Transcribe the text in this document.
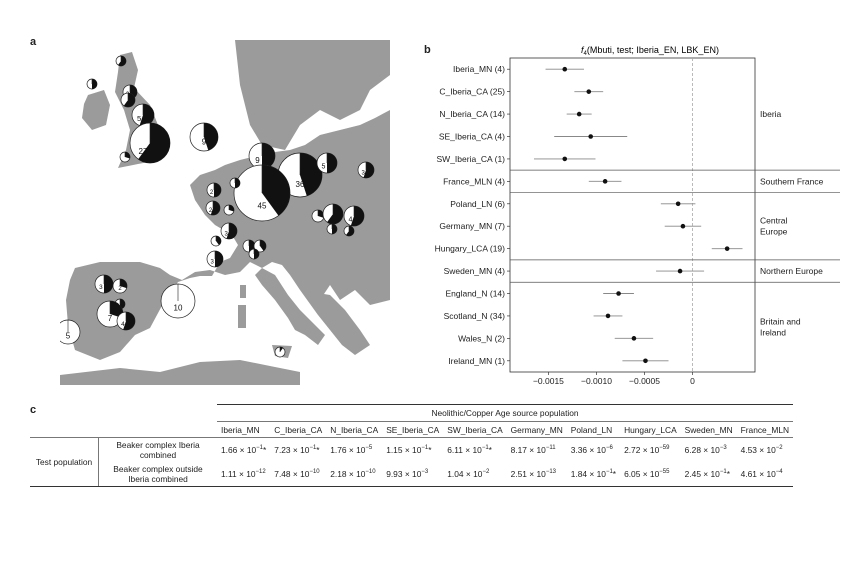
a
b
c
5
27
9
9
36
5
3
45
2
2
4
3
3
3	2
7
4
10
5
$f_4(Mbuti$, test; Iberia_EN, LBK_EN)
Iberia
Southern France
Central Europe
Northern Europe
Britain and Ireland
Iberia_MN (4)
C_Iberia_CA (25)
N_Iberia_CA (14)
SE_Iberia_CA (4)
SW_Iberia_CA (1)
France_MLN (4)
Poland_LN (6)
Germany_MN (7)
Hungary_LCA (19)
Sweden_MN (4)
England_N (14)
Scotland_N (34)
Wales_N (2)
Ireland_MN (1)
−0.0015 −0.0010 −0.0005	0
		Neolithic/Copper Age source population									
		Iberia_MN	C_Iberia_CA	N_Iberia_CA	SE_Iberia_CA	SW_Iberia_CA	Germany_MN	Poland_LN	Hungary_LCA	Sweden_MN	France_MLN
Test population	Beaker complex Iberia combined	$1.66 \times 10^{-1}*$	$7.23 \times 10^{-1}*$	$1.76 \times 10^{-5}$	$1.15 \times 10^{-1}*$	$6.11 \times 10^{-1}*$	$8.17 \times 10^{-11}$	$3.36 \times 10^{-6}$	$2.72 \times 10^{-59}$	$6.28 \times 10^{-3}$	$4.53 \times 10^{-2}$
	Beaker complex outside Iberia combined	$1.11 \times 10^{-12}$	$7.48 \times 10^{-10}$	$2.18 \times 10^{-10}$	$9.93 \times 10^{-3}$	$1.04 \times 10^{-2}$	$2.51 \times 10^{-13}$	$1.84 \times 10^{-1}*$	$6.05 \times 10^{-55}$	$2.45 \times 10^{-1}*$	$4.61 \times 10^{-4}$
